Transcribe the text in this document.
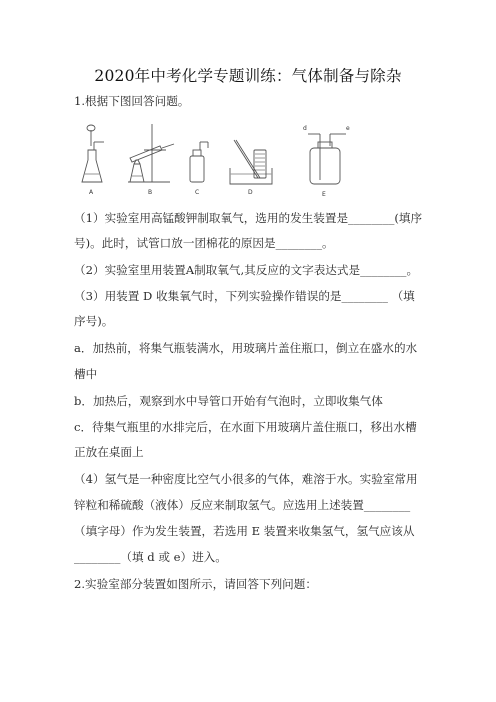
2020年中考化学专题训练：气体制备与除杂
1.根据下图回答问题。
A	B	C	D
d	e
E
（1）实验室用高锰酸钾制取氧气，选用的发生装置是________(填序
号)。此时，试管口放一团棉花的原因是________。
（2）实验室里用装置A制取氧气,其反应的文字表达式是________。
（3）用装置 D 收集氧气时，下列实验操作错误的是________ （填
序号)。
a．加热前，将集气瓶装满水，用玻璃片盖住瓶口，倒立在盛水的水
槽中
b．加热后，观察到水中导管口开始有气泡时，立即收集气体
c．待集气瓶里的水排完后，在水面下用玻璃片盖住瓶口，移出水槽
正放在桌面上
（4）氢气是一种密度比空气小很多的气体，难溶于水。实验室常用
锌粒和稀硫酸（液体）反应来制取氢气。应选用上述装置________
（填字母）作为发生装置，若选用 E 装置来收集氢气，氢气应该从
________（填 d 或 e）进入。
2.实验室部分装置如图所示，请回答下列问题：
